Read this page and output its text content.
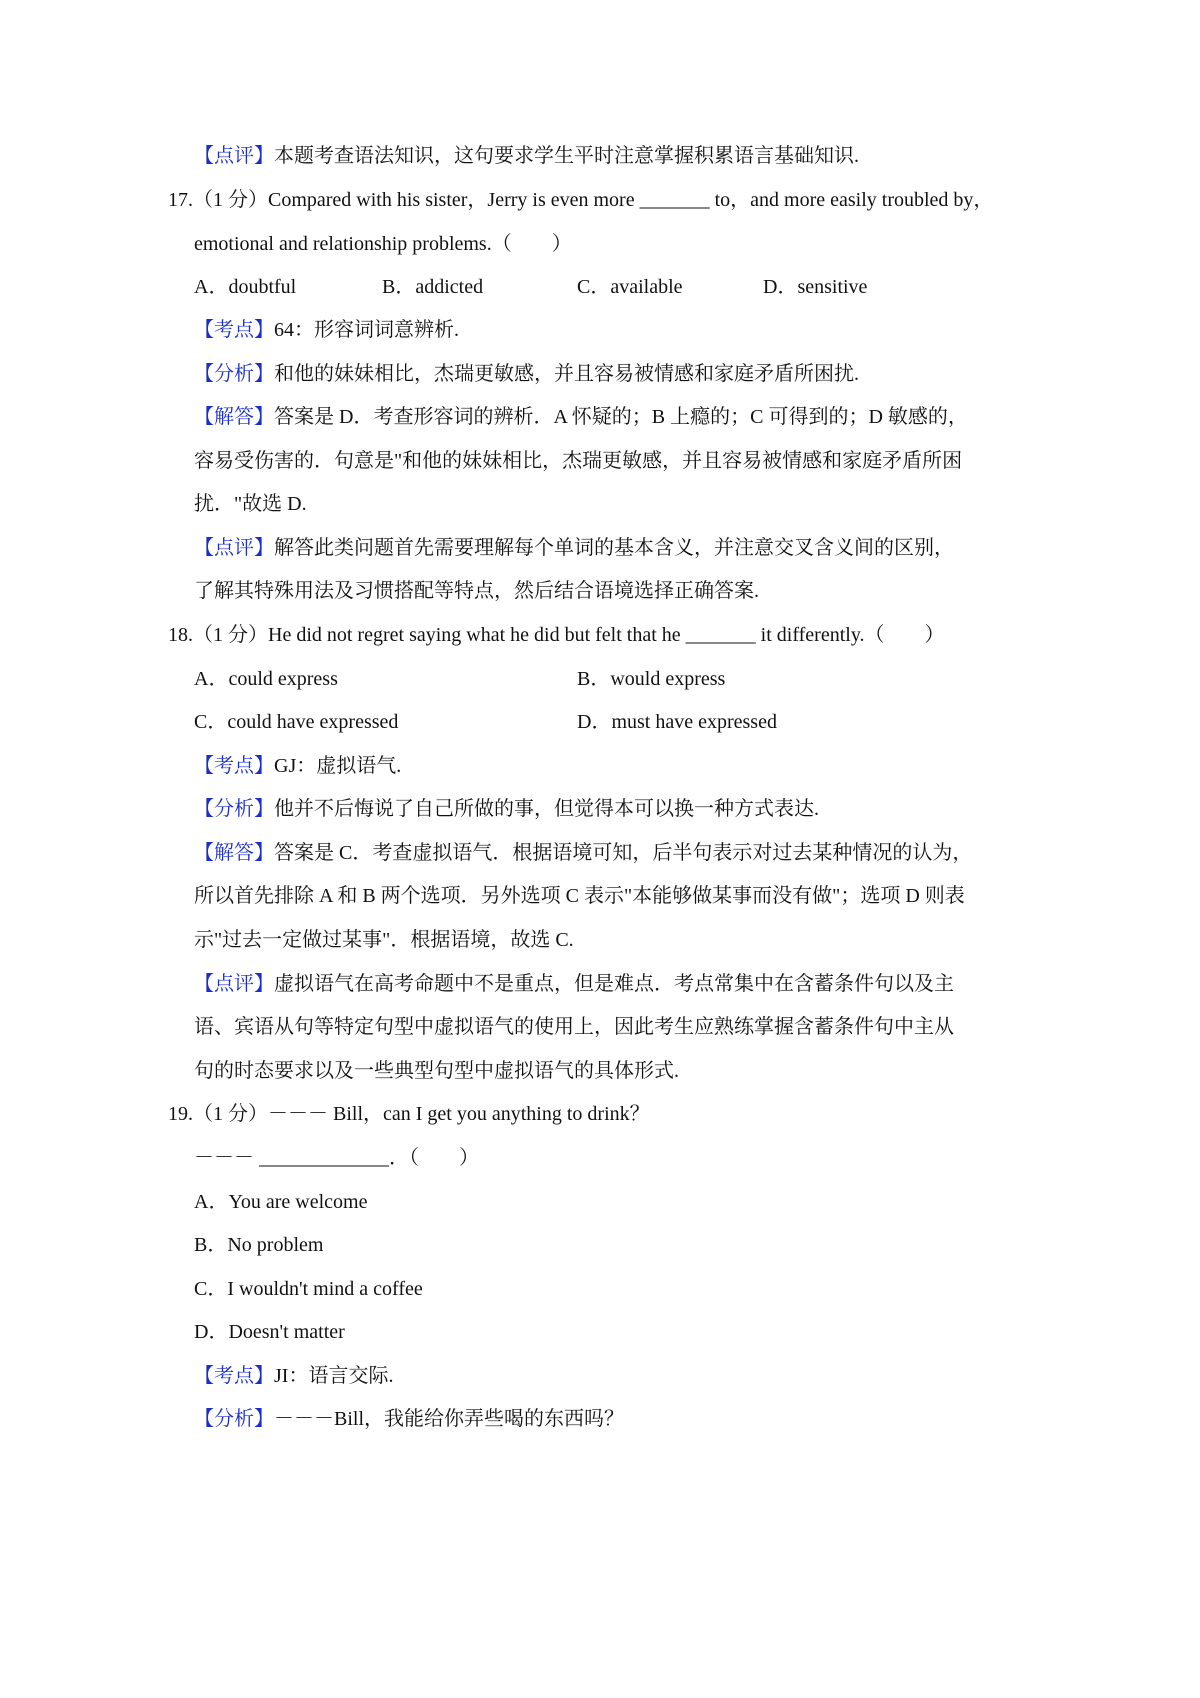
【点评】本题考查语法知识，这句要求学生平时注意掌握积累语言基础知识.
17.（1 分）Compared with his sister，Jerry is even more _______ to，and more easily troubled by，
emotional and relationship problems.（　　）
A．doubtful	B．addicted	C．available	D．sensitive
【考点】64：形容词词意辨析.
【分析】和他的妹妹相比，杰瑞更敏感，并且容易被情感和家庭矛盾所困扰.
【解答】答案是 D．考查形容词的辨析．A 怀疑的；B 上瘾的；C 可得到的；D 敏感的，
容易受伤害的．句意是"和他的妹妹相比，杰瑞更敏感，并且容易被情感和家庭矛盾所困
扰．"故选 D.
【点评】解答此类问题首先需要理解每个单词的基本含义，并注意交叉含义间的区别，
了解其特殊用法及习惯搭配等特点，然后结合语境选择正确答案.
18.（1 分）He did not regret saying what he did but felt that he _______ it differently.（　　）
A．could express	B．would express
C．could have expressed	D．must have expressed
【考点】GJ：虚拟语气.
【分析】他并不后悔说了自己所做的事，但觉得本可以换一种方式表达.
【解答】答案是 C．考查虚拟语气．根据语境可知，后半句表示对过去某种情况的认为，
所以首先排除 A 和 B 两个选项．另外选项 C 表示"本能够做某事而没有做"；选项 D 则表
示"过去一定做过某事"．根据语境，故选 C.
【点评】虚拟语气在高考命题中不是重点，但是难点．考点常集中在含蓄条件句以及主
语、宾语从句等特定句型中虚拟语气的使用上，因此考生应熟练掌握含蓄条件句中主从
句的时态要求以及一些典型句型中虚拟语气的具体形式.
19.（1 分）－－－ Bill，can I get you anything to drink？
－－－ _____________．（　　）
A．You are welcome
B．No problem
C．I wouldn't mind a coffee
D．Doesn't matter
【考点】JI：语言交际.
【分析】－－－Bill，我能给你弄些喝的东西吗？
